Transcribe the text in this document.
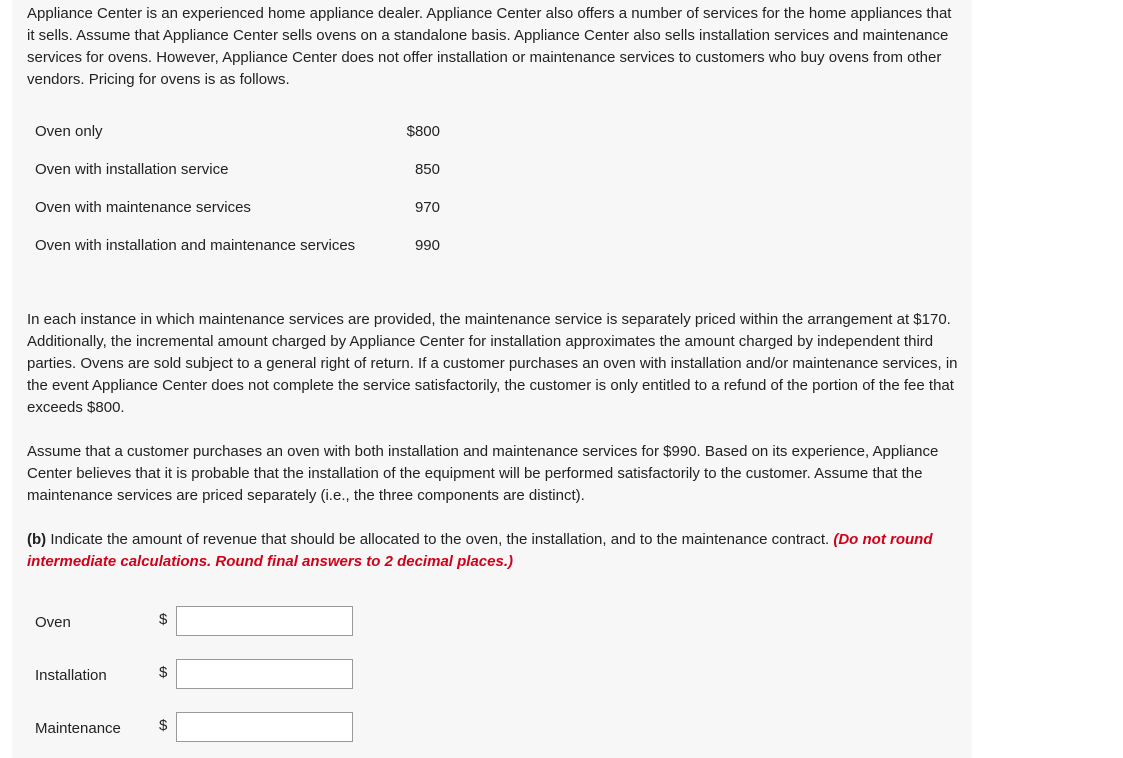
Appliance Center is an experienced home appliance dealer. Appliance Center also offers a number of services for the home appliances that it sells. Assume that Appliance Center sells ovens on a standalone basis. Appliance Center also sells installation services and maintenance services for ovens. However, Appliance Center does not offer installation or maintenance services to customers who buy ovens from other vendors. Pricing for ovens is as follows.

Oven only	$800
Oven with installation service	850
Oven with maintenance services	970
Oven with installation and maintenance services	990

In each instance in which maintenance services are provided, the maintenance service is separately priced within the arrangement at $170. Additionally, the incremental amount charged by Appliance Center for installation approximates the amount charged by independent third parties. Ovens are sold subject to a general right of return. If a customer purchases an oven with installation and/or maintenance services, in the event Appliance Center does not complete the service satisfactorily, the customer is only entitled to a refund of the portion of the fee that exceeds $800.

Assume that a customer purchases an oven with both installation and maintenance services for $990. Based on its experience, Appliance Center believes that it is probable that the installation of the equipment will be performed satisfactorily to the customer. Assume that the maintenance services are priced separately (i.e., the three components are distinct).

(b) Indicate the amount of revenue that should be allocated to the oven, the installation, and to the maintenance contract. (Do not round intermediate calculations. Round final answers to 2 decimal places.)

Oven	$
Installation	$
Maintenance	$
